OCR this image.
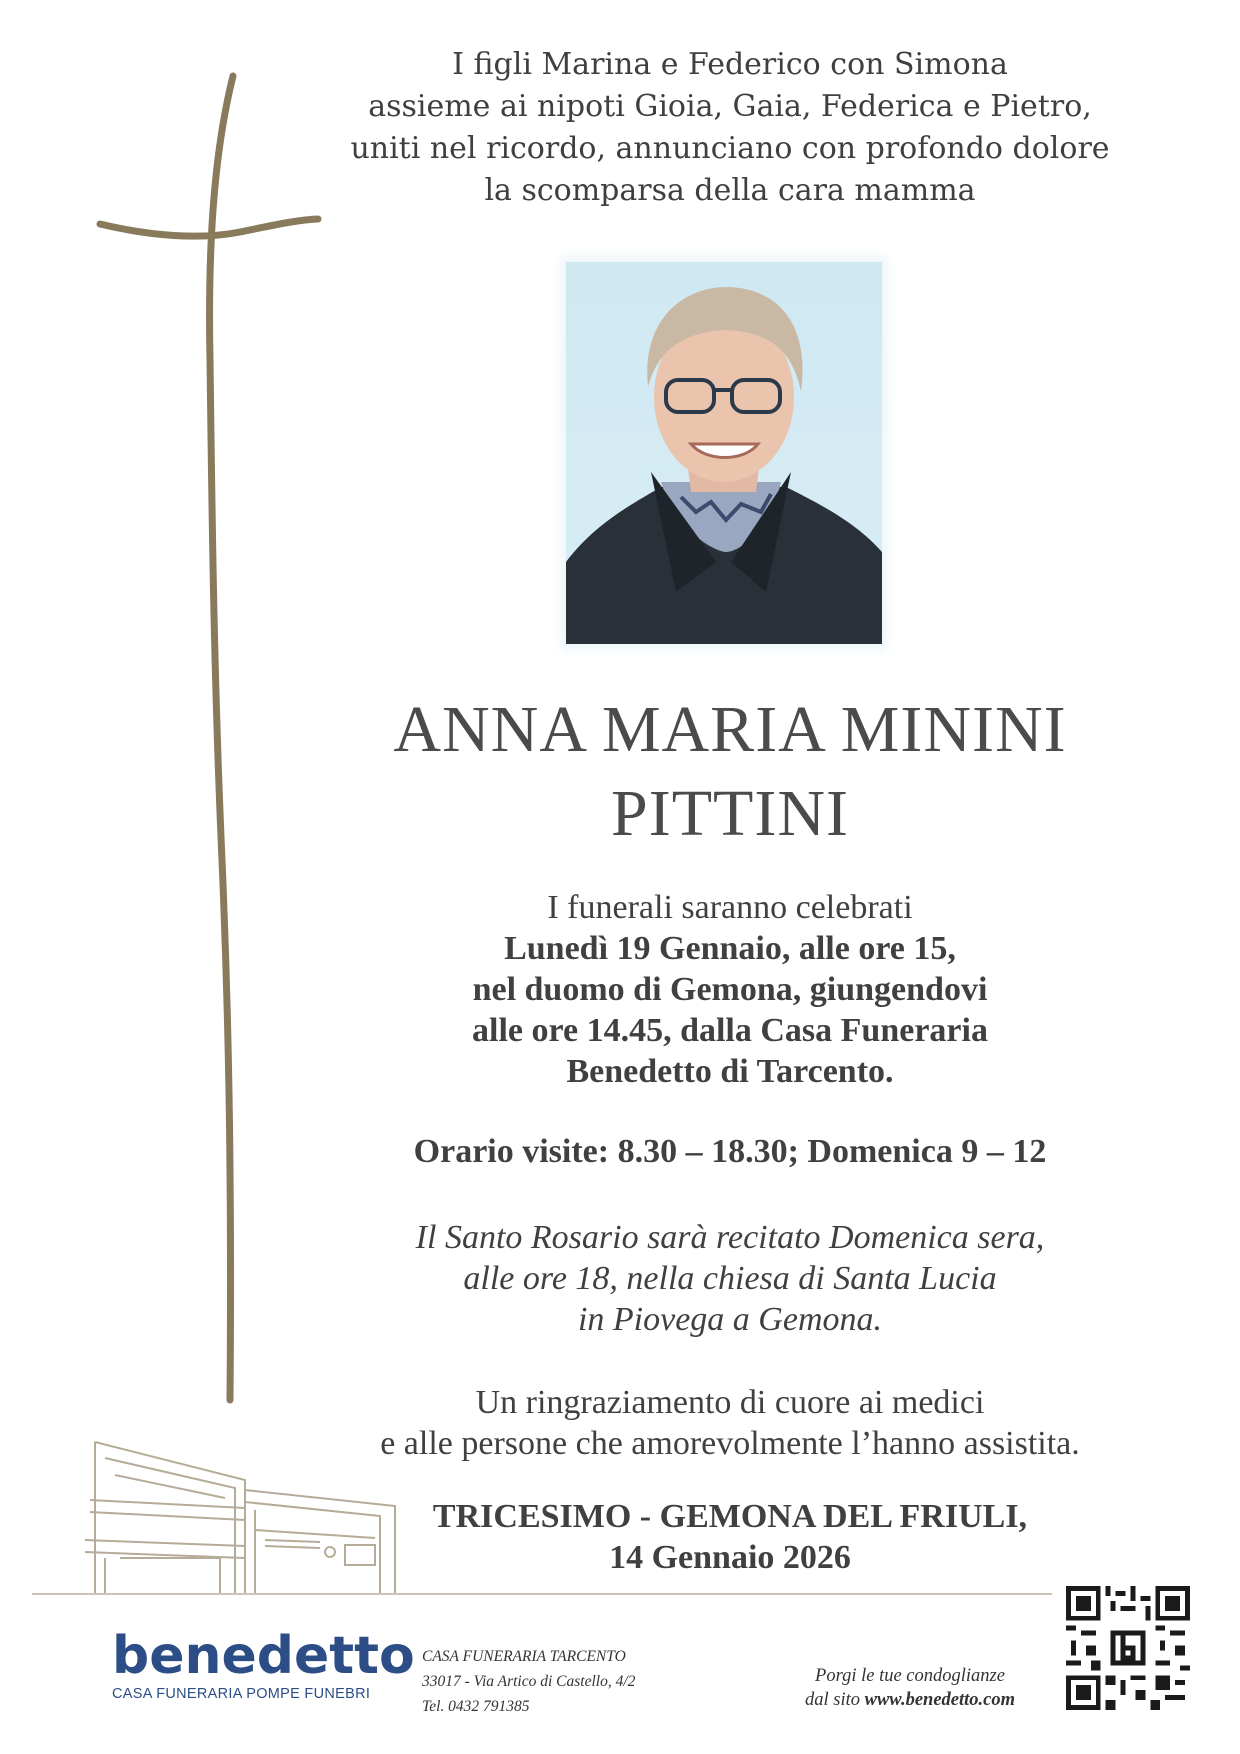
I figli Marina e Federico con Simona
assieme ai nipoti Gioia, Gaia, Federica e Pietro,
uniti nel ricordo, annunciano con profondo dolore
la scomparsa della cara mamma
ANNA MARIA MININI
PITTINI
I funerali saranno celebrati
Lunedì 19 Gennaio, alle ore 15,
nel duomo di Gemona, giungendovi
alle ore 14.45, dalla Casa Funeraria
Benedetto di Tarcento.
Orario visite: 8.30 – 18.30; Domenica 9 – 12
Il Santo Rosario sarà recitato Domenica sera,
alle ore 18, nella chiesa di Santa Lucia
in Piovega a Gemona.
Un ringraziamento di cuore ai medici
e alle persone che amorevolmente l’hanno assistita.
TRICESIMO - GEMONA DEL FRIULI,
14 Gennaio 2026
benedetto
CASA FUNERARIA POMPE FUNEBRI
CASA FUNERARIA TARCENTO
33017 - Via Artico di Castello, 4/2
Tel. 0432 791385
Porgi le tue condoglianze
dal sito www.benedetto.com
